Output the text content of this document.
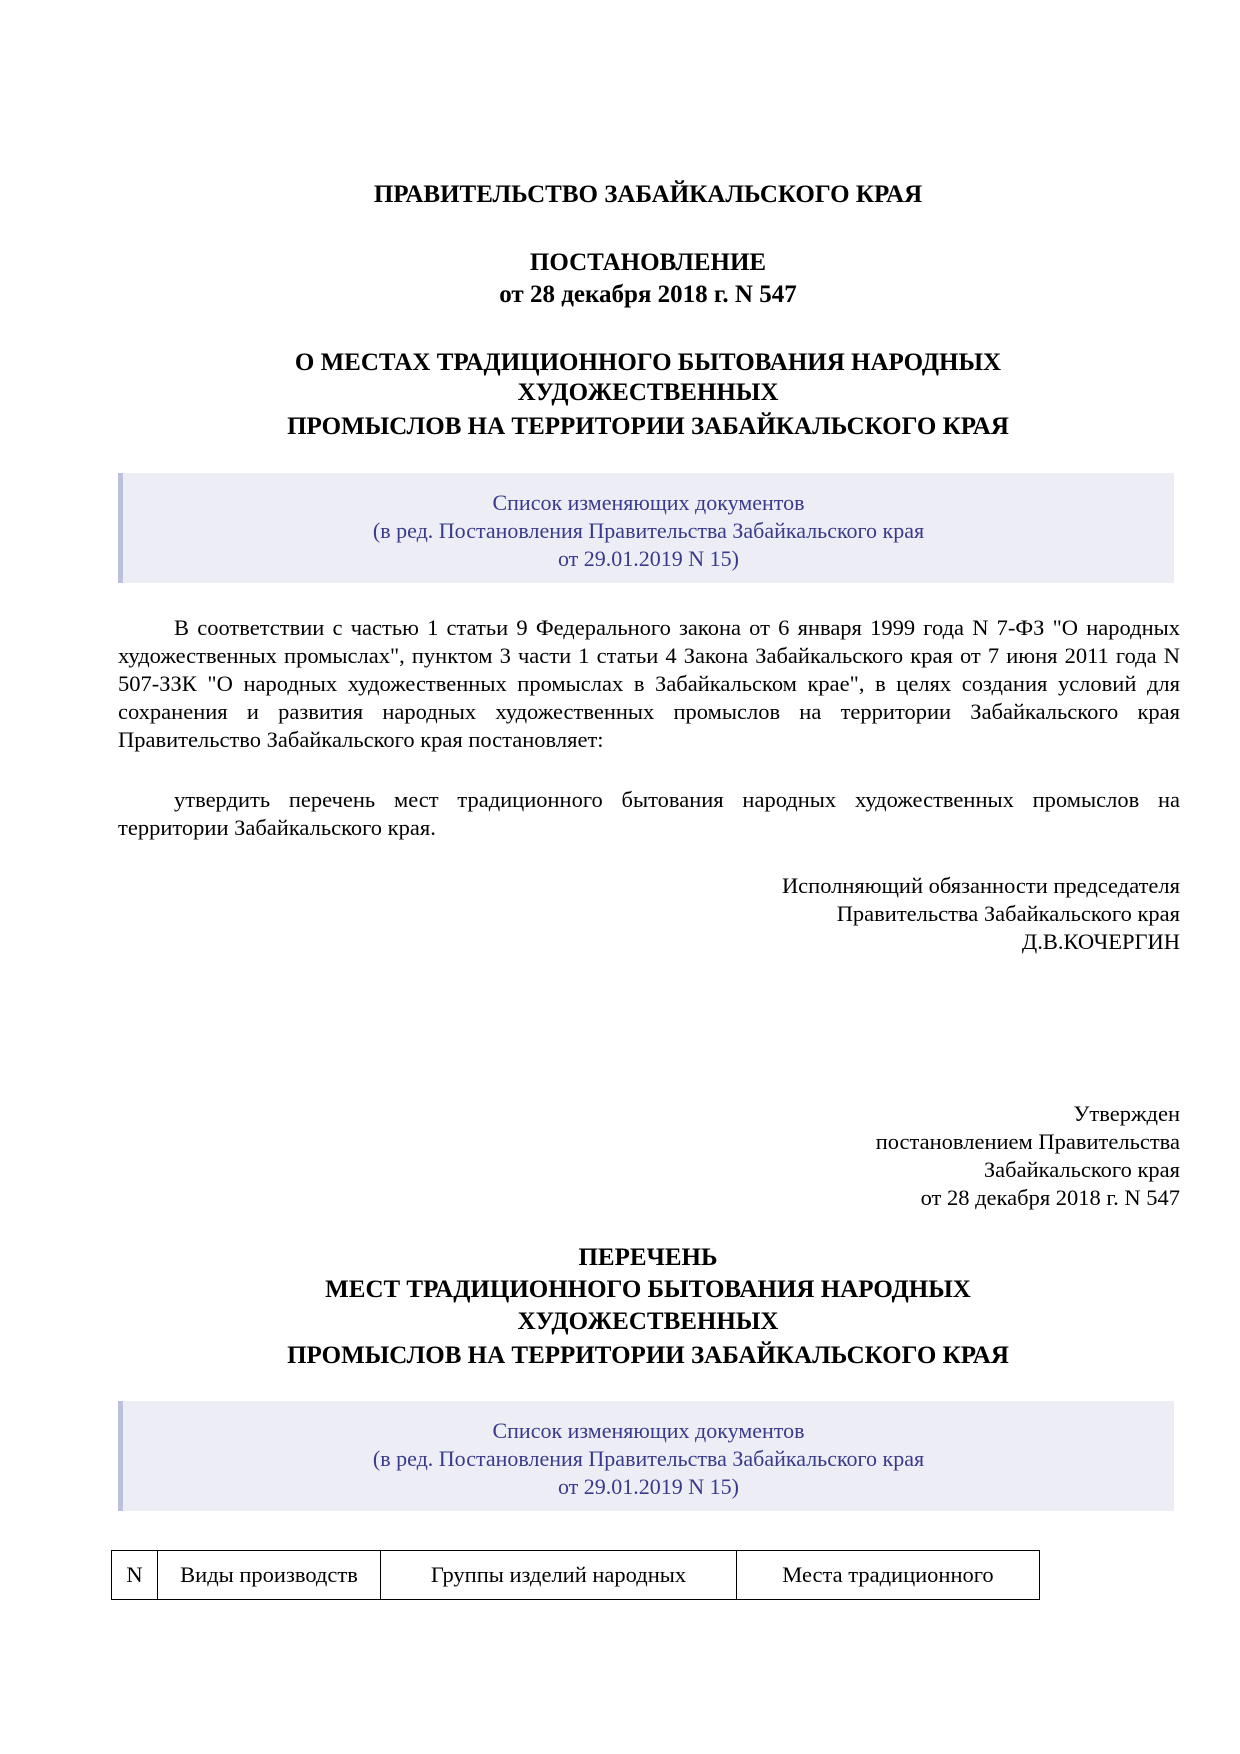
ПРАВИТЕЛЬСТВО ЗАБАЙКАЛЬСКОГО КРАЯ
ПОСТАНОВЛЕНИЕ
от 28 декабря 2018 г. N 547
О МЕСТАХ ТРАДИЦИОННОГО БЫТОВАНИЯ НАРОДНЫХ
ХУДОЖЕСТВЕННЫХ
ПРОМЫСЛОВ НА ТЕРРИТОРИИ ЗАБАЙКАЛЬСКОГО КРАЯ
Список изменяющих документов
(в ред. Постановления Правительства Забайкальского края
от 29.01.2019 N 15)
В соответствии с частью 1 статьи 9 Федерального закона от 6 января 1999 года N 7-ФЗ "О народных художественных промыслах", пунктом 3 части 1 статьи 4 Закона Забайкальского края от 7 июня 2011 года N 507-ЗЗК "О народных художественных промыслах в Забайкальском крае", в целях создания условий для сохранения и развития народных художественных промыслов на территории Забайкальского края Правительство Забайкальского края постановляет:
утвердить перечень мест традиционного бытования народных художественных промыслов на территории Забайкальского края.
Исполняющий обязанности председателя
Правительства Забайкальского края
Д.В.КОЧЕРГИН
Утвержден
постановлением Правительства
Забайкальского края
от 28 декабря 2018 г. N 547
ПЕРЕЧЕНЬ
МЕСТ ТРАДИЦИОННОГО БЫТОВАНИЯ НАРОДНЫХ
ХУДОЖЕСТВЕННЫХ
ПРОМЫСЛОВ НА ТЕРРИТОРИИ ЗАБАЙКАЛЬСКОГО КРАЯ
Список изменяющих документов
(в ред. Постановления Правительства Забайкальского края
от 29.01.2019 N 15)
N	Виды производств	Группы изделий народных	Места традиционного
